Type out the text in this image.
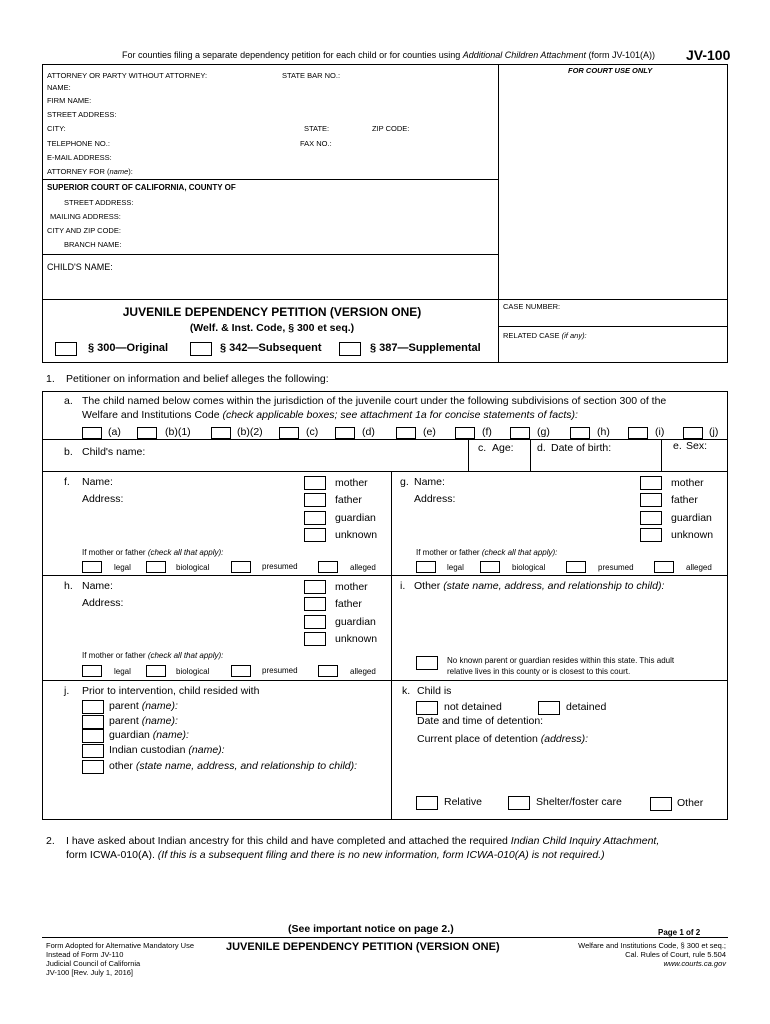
For counties filing a separate dependency petition for each child or for counties using Additional Children Attachment (form JV-101(A)) JV-100
FOR COURT USE ONLY
ATTORNEY OR PARTY WITHOUT ATTORNEY:	STATE BAR NO.:
NAME:
FIRM NAME:
STREET ADDRESS:
CITY:	STATE:	ZIP CODE:
TELEPHONE NO.:	FAX NO.:
E-MAIL ADDRESS:
ATTORNEY FOR (name):
SUPERIOR COURT OF CALIFORNIA, COUNTY OF
STREET ADDRESS:
MAILING ADDRESS:
CITY AND ZIP CODE:
BRANCH NAME:
CHILD'S NAME:
JUVENILE DEPENDENCY PETITION (VERSION ONE)
(Welf. & Inst. Code, § 300 et seq.)
§ 300—Original	§ 342—Subsequent	§ 387—Supplemental
CASE NUMBER:
RELATED CASE (if any):
1. Petitioner on information and belief alleges the following:
a. The child named below comes within the jurisdiction of the juvenile court under the following subdivisions of section 300 of the
Welfare and Institutions Code (check applicable boxes; see attachment 1a for concise statements of facts):
(a)	(b)(1)	(b)(2)	(c)	(d)	(e)	(f)	(g)	(h)	(i)	(j)
b. Child's name:	c. Age: d. Date of birth:	e. Sex:
f. Name:
Address:
mother
father
guardian
unknown
If mother or father (check all that apply):
legal	biological	presumed	alleged
g. Name:
Address:
mother
father
guardian
unknown
If mother or father (check all that apply):
legal	biological	presumed	alleged
h. Name:
Address:
mother
father
guardian
unknown
If mother or father (check all that apply):
legal	biological	presumed	alleged
i. Other (state name, address, and relationship to child):
No known parent or guardian resides within this state. This adult
relative lives in this county or is closest to this court.
j. Prior to intervention, child resided with
parent (name):
parent (name):
guardian (name):
Indian custodian (name):
other (state name, address, and relationship to child):
k. Child is
not detained	detained
Date and time of detention:
Current place of detention (address):
Relative	Shelter/foster care	Other
2. I have asked about Indian ancestry for this child and have completed and attached the required Indian Child Inquiry Attachment,
form ICWA-010(A). (If this is a subsequent filing and there is no new information, form ICWA-010(A) is not required.)
(See important notice on page 2.)	Page 1 of 2
Form Adopted for Alternative Mandatory Use
Instead of Form JV-110
Judicial Council of California
JV-100 [Rev. July 1, 2016]
JUVENILE DEPENDENCY PETITION (VERSION ONE)	Welfare and Institutions Code, § 300 et seq.;
Cal. Rules of Court, rule 5.504
www.courts.ca.gov
